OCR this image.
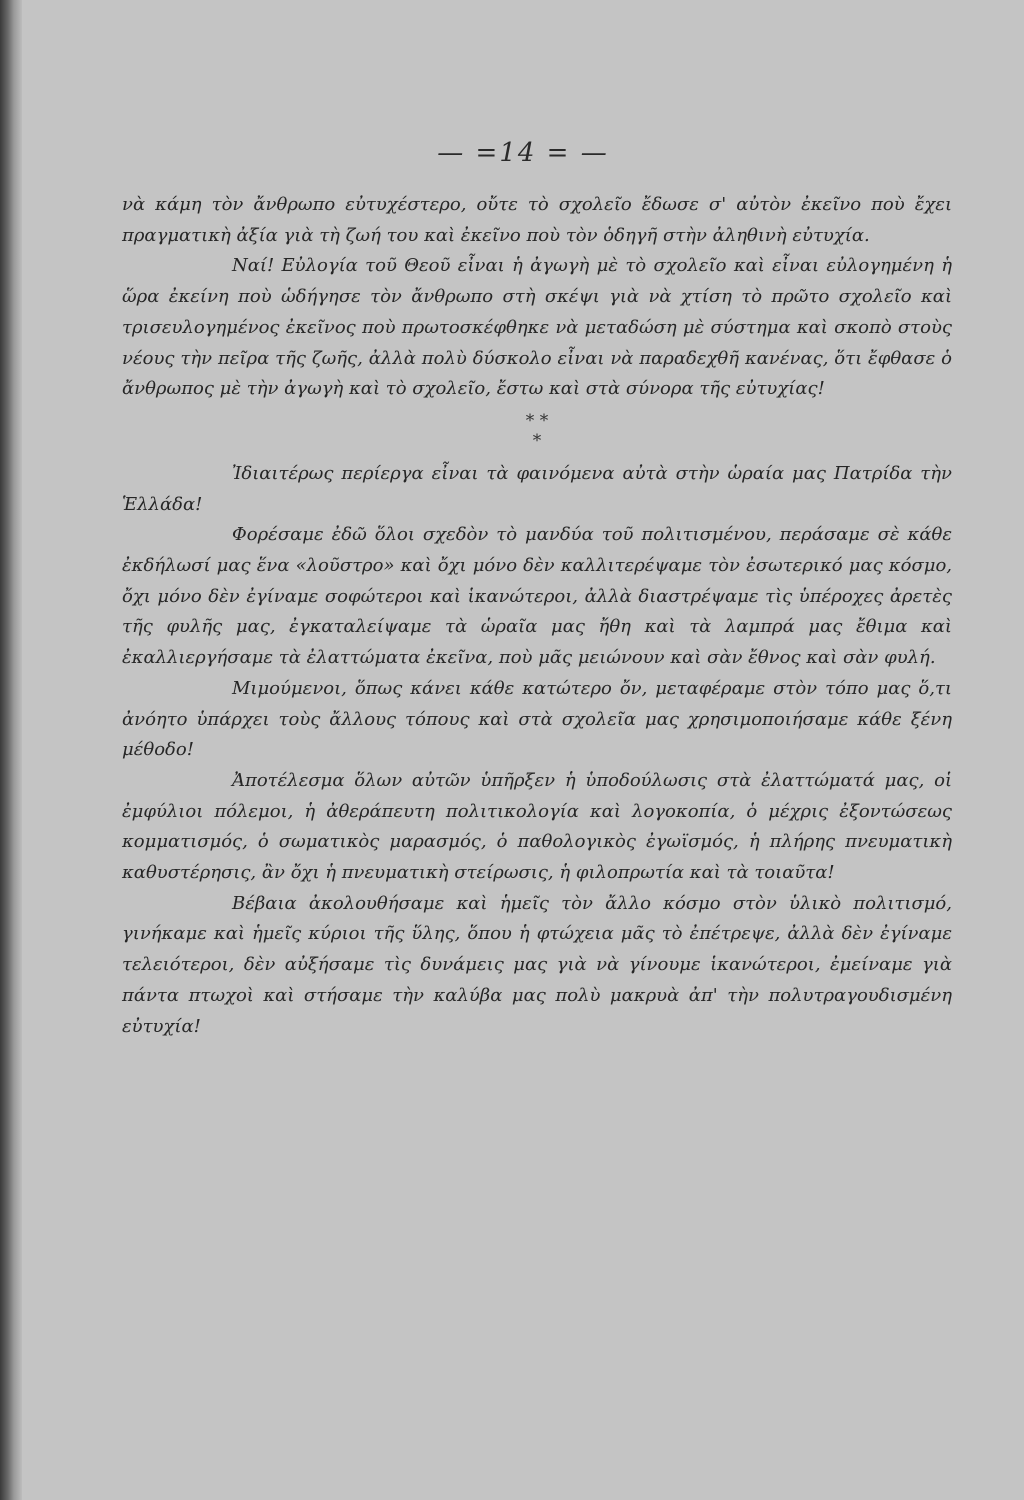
— =14 = —

νὰ κάμη τὸν ἄνθρωπο εὐτυχέστερο, οὔτε τὸ σχολεῖο ἔδωσε σ' αὐτὸν ἐκεῖνο ποὺ ἔχει πραγματικὴ ἀξία γιὰ τὴ ζωή του καὶ ἐκεῖνο ποὺ τὸν ὁδηγῆ στὴν ἀληθινὴ εὐτυχία.

Ναί! Εὐλογία τοῦ Θεοῦ εἶναι ἡ ἀγωγὴ μὲ τὸ σχολεῖο καὶ εἶναι εὐλογημένη ἡ ὥρα ἐκείνη ποὺ ὡδήγησε τὸν ἄνθρωπο στὴ σκέψι γιὰ νὰ χτίση τὸ πρῶτο σχολεῖο καὶ τρισευλογημένος ἐκεῖνος ποὺ πρωτοσκέφθηκε νὰ μεταδώση μὲ σύστημα καὶ σκοπὸ στοὺς νέους τὴν πεῖρα τῆς ζωῆς, ἀλλὰ πολὺ δύσκολο εἶναι νὰ παραδεχθῆ κανένας, ὅτι ἔφθασε ὁ ἄνθρωπος μὲ τὴν ἀγωγὴ καὶ τὸ σχολεῖο, ἔστω καὶ στὰ σύνορα τῆς εὐτυχίας!

* *
*

Ἰδιαιτέρως περίεργα εἶναι τὰ φαινόμενα αὐτὰ στὴν ὡραία μας Πατρίδα τὴν Ἑλλάδα!

Φορέσαμε ἐδῶ ὅλοι σχεδὸν τὸ μανδύα τοῦ πολιτισμένου, περάσαμε σὲ κάθε ἐκδήλωσί μας ἕνα «λοῦστρο» καὶ ὄχι μόνο δὲν καλλιτερέψαμε τὸν ἐσωτερικό μας κόσμο, ὄχι μόνο δὲν ἐγίναμε σοφώτεροι καὶ ἱκανώτεροι, ἀλλὰ διαστρέψαμε τὶς ὑπέροχες ἀρετὲς τῆς φυλῆς μας, ἐγκαταλείψαμε τὰ ὡραῖα μας ἤθη καὶ τὰ λαμπρά μας ἔθιμα καὶ ἐκαλλιεργήσαμε τὰ ἐλαττώματα ἐκεῖνα, ποὺ μᾶς μειώνουν καὶ σὰν ἔθνος καὶ σὰν φυλή.

Μιμούμενοι, ὅπως κάνει κάθε κατώτερο ὄν, μεταφέραμε στὸν τόπο μας ὅ,τι ἀνόητο ὑπάρχει τοὺς ἄλλους τόπους καὶ στὰ σχολεῖα μας χρησιμοποιήσαμε κάθε ξένη μέθοδο!

Ἀποτέλεσμα ὅλων αὐτῶν ὑπῆρξεν ἡ ὑποδούλωσις στὰ ἐλαττώματά μας, οἱ ἐμφύλιοι πόλεμοι, ἡ ἀθεράπευτη πολιτικολογία καὶ λογοκοπία, ὁ μέχρις ἐξοντώσεως κομματισμός, ὁ σωματικὸς μαρασμός, ὁ παθολογικὸς ἐγωϊσμός, ἡ πλήρης πνευματικὴ καθυστέρησις, ἂν ὄχι ἡ πνευματικὴ στείρωσις, ἡ φιλοπρωτία καὶ τὰ τοιαῦτα!

Βέβαια ἀκολουθήσαμε καὶ ἡμεῖς τὸν ἄλλο κόσμο στὸν ὑλικὸ πολιτισμό, γινήκαμε καὶ ἡμεῖς κύριοι τῆς ὕλης, ὅπου ἡ φτώχεια μᾶς τὸ ἐπέτρεψε, ἀλλὰ δὲν ἐγίναμε τελειότεροι, δὲν αὐξήσαμε τὶς δυνάμεις μας γιὰ νὰ γίνουμε ἱκανώτεροι, ἐμείναμε γιὰ πάντα πτωχοὶ καὶ στήσαμε τὴν καλύβα μας πολὺ μακρυὰ ἀπ' τὴν πολυτραγουδισμένη εὐτυχία!
